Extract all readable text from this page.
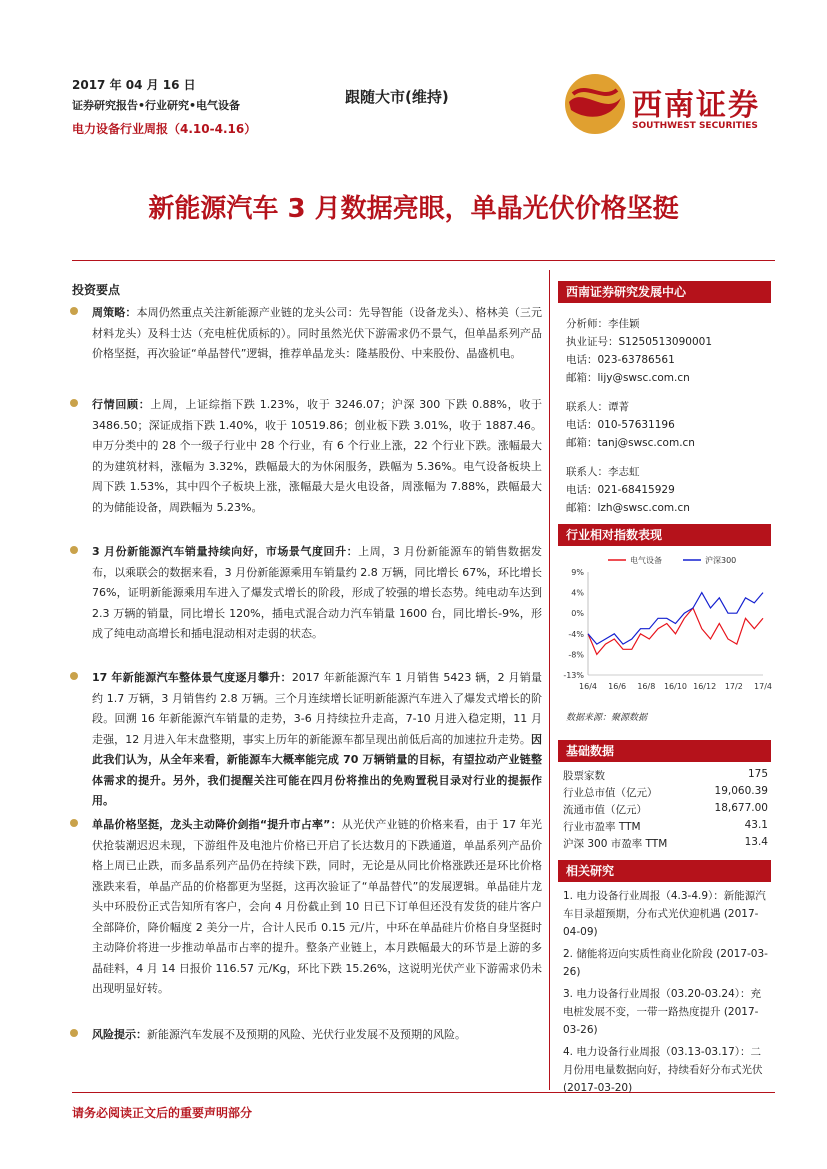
2017 年 04 月 16 日
证券研究报告•行业研究•电气设备
电力设备行业周报（4.10-4.16）
跟随大市(维持)	西南证券
SOUTHWEST SECURITIES
新能源汽车 3 月数据亮眼，单晶光伏价格坚挺
投资要点
周策略：本周仍然重点关注新能源产业链的龙头公司：先导智能（设备龙头）、格林美（三元材料龙头）及科士达（充电桩优质标的）。同时虽然光伏下游需求仍不景气，但单晶系列产品价格坚挺，再次验证“单晶替代”逻辑，推荐单晶龙头：隆基股份、中来股份、晶盛机电。
行情回顾：上周，上证综指下跌 1.23%，收于 3246.07；沪深 300 下跌 0.88%，收于 3486.50；深证成指下跌 1.40%，收于 10519.86；创业板下跌 3.01%，收于 1887.46。申万分类中的 28 个一级子行业中 28 个行业，有 6 个行业上涨，22 个行业下跌。涨幅最大的为建筑材料，涨幅为 3.32%，跌幅最大的为休闲服务，跌幅为 5.36%。电气设备板块上周下跌 1.53%，其中四个子板块上涨，涨幅最大是火电设备，周涨幅为 7.88%，跌幅最大的为储能设备，周跌幅为 5.23%。
3 月份新能源汽车销量持续向好，市场景气度回升：上周，3 月份新能源车的销售数据发布，以乘联会的数据来看，3 月份新能源乘用车销量约 2.8 万辆，同比增长 67%，环比增长 76%，证明新能源乘用车进入了爆发式增长的阶段，形成了较强的增长态势。纯电动车达到 2.3 万辆的销量，同比增长 120%，插电式混合动力汽车销量 1600 台，同比增长-9%，形成了纯电动高增长和插电混动相对走弱的状态。
17 年新能源汽车整体景气度逐月攀升：2017 年新能源汽车 1 月销售 5423 辆，2 月销量约 1.7 万辆，3 月销售约 2.8 万辆。三个月连续增长证明新能源汽车进入了爆发式增长的阶段。回溯 16 年新能源汽车销量的走势，3-6 月持续拉升走高，7-10 月进入稳定期，11 月走强，12 月进入年末盘整期，事实上历年的新能源车都呈现出前低后高的加速拉升走势。因此我们认为，从全年来看，新能源车大概率能完成 70 万辆销量的目标，有望拉动产业链整体需求的提升。另外，我们提醒关注可能在四月份将推出的免购置税目录对行业的提振作用。
单晶价格坚挺，龙头主动降价剑指“提升市占率”：从光伏产业链的价格来看，由于 17 年光伏抢装潮迟迟未现，下游组件及电池片价格已开启了长达数月的下跌通道，单晶系列产品价格上周已止跌，而多晶系列产品仍在持续下跌，同时，无论是从同比价格涨跌还是环比价格涨跌来看，单晶产品的价格都更为坚挺，这再次验证了“单晶替代”的发展逻辑。单晶硅片龙头中环股份正式告知所有客户，会向 4 月份截止到 10 日已下订单但还没有发货的硅片客户全部降价，降价幅度 2 美分一片，合计人民币 0.15 元/片，中环在单晶硅片价格自身坚挺时主动降价将进一步推动单晶市占率的提升。整条产业链上，本月跌幅最大的环节是上游的多晶硅料，4 月 14 日报价 116.57 元/Kg，环比下跌 15.26%，这说明光伏产业下游需求仍未出现明显好转。
风险提示：新能源汽车发展不及预期的风险、光伏行业发展不及预期的风险。
西南证券研究发展中心
分析师：李佳颖
执业证号：S1250513090001
电话：023-63786561
邮箱：lijy@swsc.com.cn
联系人：谭菁
电话：010-57631196
邮箱：tanj@swsc.com.cn
联系人：李志虹
电话：021-68415929
邮箱：lzh@swsc.com.cn
行业相对指数表现
9%
4%
0%
-4%
-8%
-13%
16/4 16/6 16/8 16/10 16/12 17/2 17/4
电气设备	沪深300
数据来源：聚源数据
基础数据
股票家数	175
行业总市值（亿元）	19,060.39
流通市值（亿元）	18,677.00
行业市盈率 TTM	43.1
沪深 300 市盈率 TTM	13.4
相关研究
1. 电力设备行业周报（4.3-4.9）：新能源汽车目录超预期，分布式光伏迎机遇 (2017-04-09)
2. 储能将迈向实质性商业化阶段 (2017-03-26)
3. 电力设备行业周报（03.20-03.24）：充电桩发展不变，一带一路热度提升 (2017-03-26)
4. 电力设备行业周报（03.13-03.17）：二月份用电量数据向好，持续看好分布式光伏 (2017-03-20)
请务必阅读正文后的重要声明部分
